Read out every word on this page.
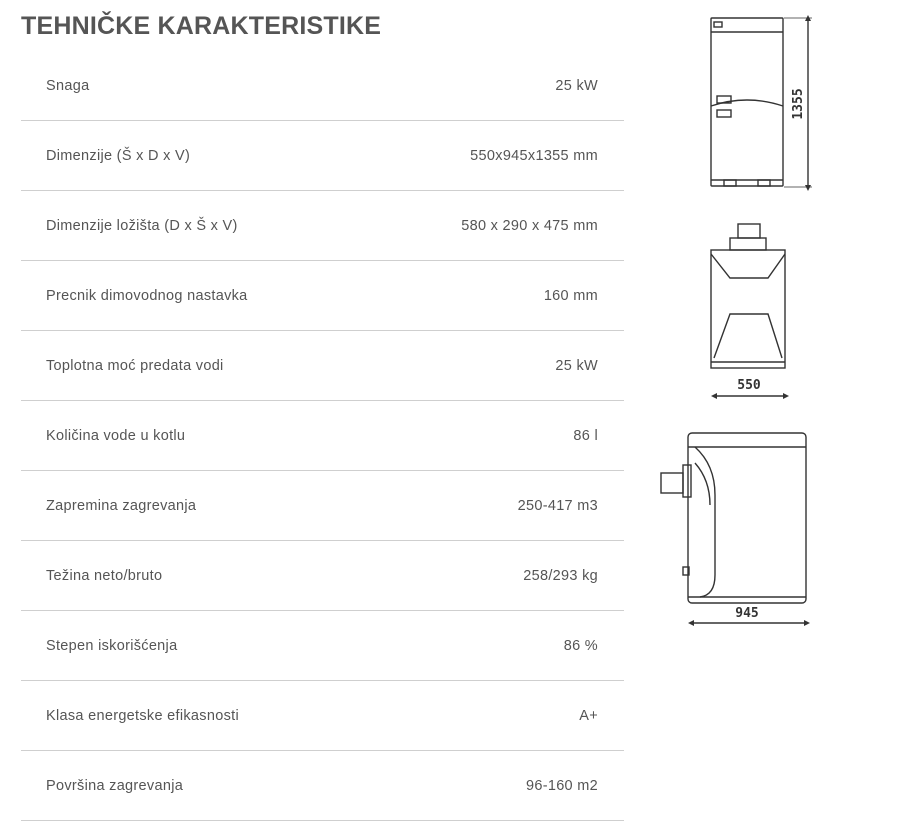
TEHNIČKE KARAKTERISTIKE
Snaga	25 kW
Dimenzije (Š x D x V)	550x945x1355 mm
Dimenzije ložišta (D x Š x V)	580 x 290 x 475 mm
Precnik dimovodnog nastavka	160 mm
Toplotna moć predata vodi	25 kW
Količina vode u kotlu	86 l
Zapremina zagrevanja	250-417 m3
Težina neto/bruto	258/293 kg
Stepen iskorišćenja	86 %
Klasa energetske efikasnosti	A+
Površina zagrevanja	96-160 m2
1355
550
945
